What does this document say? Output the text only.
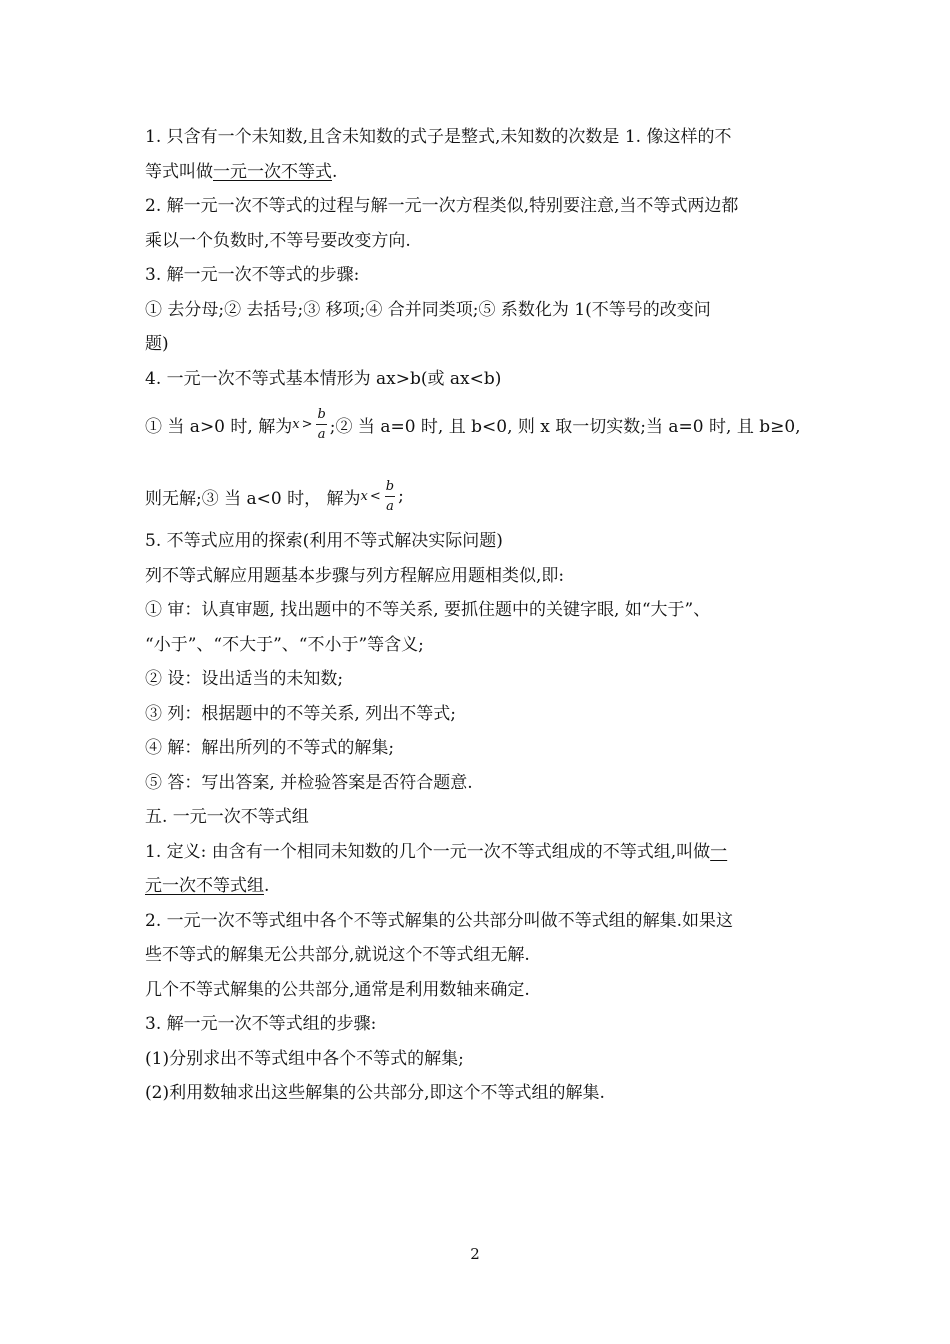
1. 只含有一个未知数,且含未知数的式子是整式,未知数的次数是 1. 像这样的不
等式叫做一元一次不等式.
2. 解一元一次不等式的过程与解一元一次方程类似,特别要注意,当不等式两边都
乘以一个负数时,不等号要改变方向.
3. 解一元一次不等式的步骤:
① 去分母;② 去括号;③ 移项;④ 合并同类项;⑤ 系数化为 1(不等号的改变问
题)
4. 一元一次不等式基本情形为 ax>b(或 ax<b)
① 当 a>0 时, 解为 $x > \frac{b}{a}$ ;② 当 a=0 时, 且 b<0, 则 x 取一切实数;当 a=0 时, 且 b≥0,
则无解;③ 当 a<0 时， 解为 $x < \frac{b}{a}$ ;
5. 不等式应用的探索(利用不等式解决实际问题)
列不等式解应用题基本步骤与列方程解应用题相类似,即:
① 审：认真审题, 找出题中的不等关系, 要抓住题中的关键字眼, 如“大于”、
“小于”、“不大于”、“不小于”等含义;
② 设：设出适当的未知数;
③ 列：根据题中的不等关系, 列出不等式;
④ 解：解出所列的不等式的解集;
⑤ 答：写出答案, 并检验答案是否符合题意.
五. 一元一次不等式组
1. 定义: 由含有一个相同未知数的几个一元一次不等式组成的不等式组,叫做一
元一次不等式组.
2. 一元一次不等式组中各个不等式解集的公共部分叫做不等式组的解集.如果这
些不等式的解集无公共部分,就说这个不等式组无解.
几个不等式解集的公共部分,通常是利用数轴来确定.
3. 解一元一次不等式组的步骤:
(1)分别求出不等式组中各个不等式的解集;
(2)利用数轴求出这些解集的公共部分,即这个不等式组的解集.
2
